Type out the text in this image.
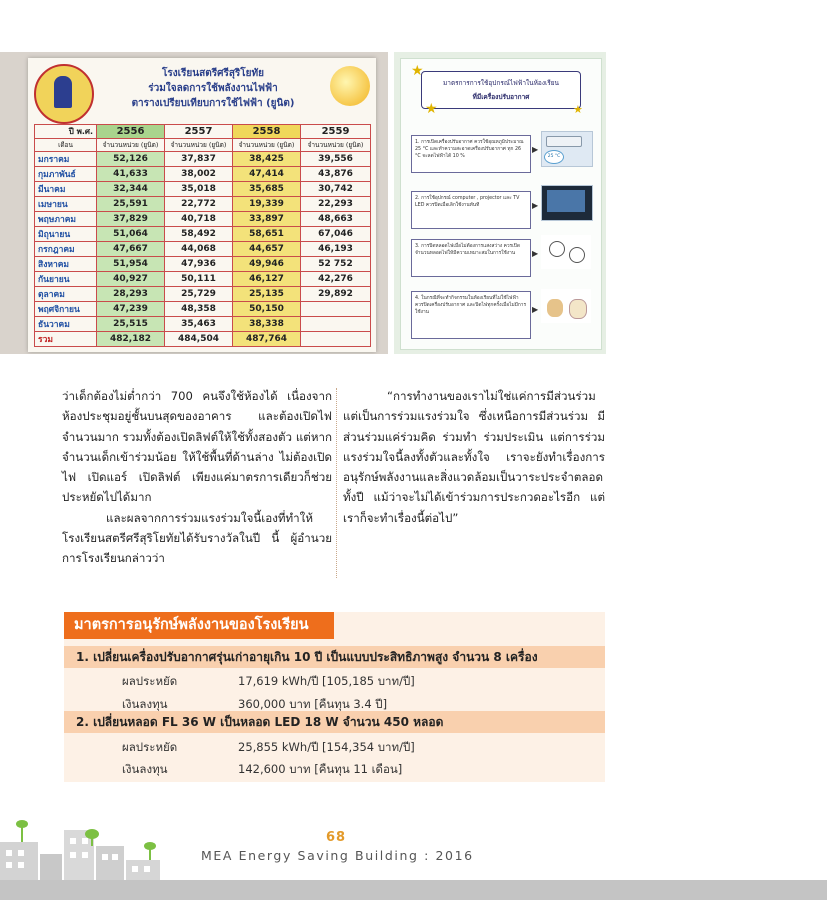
โรงเรียนสตรีศรีสุริโยทัย
ร่วมใจลดการใช้พลังงานไฟฟ้า
ตารางเปรียบเทียบการใช้ไฟฟ้า (ยูนิต)
ปี พ.ศ.	2556	2557	2558	2559
เดือน	จำนวนหน่วย (ยูนิต)	จำนวนหน่วย (ยูนิต)	จำนวนหน่วย (ยูนิต)	จำนวนหน่วย (ยูนิต)
มกราคม	52,126	37,837	38,425	39,556
กุมภาพันธ์	41,633	38,002	47,414	43,876
มีนาคม	32,344	35,018	35,685	30,742
เมษายน	25,591	22,772	19,339	22,293
พฤษภาคม	37,829	40,718	33,897	48,663
มิถุนายน	51,064	58,492	58,651	67,046
กรกฎาคม	47,667	44,068	44,657	46,193
สิงหาคม	51,954	47,936	49,946	52 752
กันยายน	40,927	50,111	46,127	42,276
ตุลาคม	28,293	25,729	25,135	29,892
พฤศจิกายน	47,239	48,358	50,150	
ธันวาคม	25,515	35,463	38,338	
รวม	482,182	484,504	487,764	
มาตรการการใช้อุปกรณ์ไฟฟ้าในห้องเรียน
ที่มีเครื่องปรับอากาศ
★
★	★
1. การเปิดเครื่องปรับอากาศ ควรใช้อุณหภูมิประมาณ 25 °C และทำความสะอาดเครื่องปรับอากาศ ทุก 26 °C จะลดไฟฟ้าได้ 10 %
▶
25 °C
2. การใช้อุปกรณ์ computer , projector และ TV LED ควรปิดเมื่อเลิกใช้งานทันที	▶
3. การปิดหลอดไฟเมื่อไม่ต้องการแสงสว่าง ควรเปิดจำนวนหลอดไฟให้มีความเหมาะสมในการใช้งาน	▶
4. ในกรณีที่จะทำกิจกรรมในห้องเรียนที่ไม่ใช้ไฟฟ้า ควรปิดเครื่องปรับอากาศ และปิดไฟทุกครั้งเมื่อไม่มีการใช้งาน	▶

ว่าเด็กต้องไม่ต่ำกว่า 700 คนจึงใช้ห้องได้ เนื่องจากห้องประชุมอยู่ชั้นบนสุดของอาคาร และต้องเปิดไฟจำนวนมาก รวมทั้งต้องเปิดลิฟต์ให้ใช้ทั้งสองตัว แต่หากจำนวนเด็กเข้าร่วมน้อย ให้ใช้พื้นที่ด้านล่าง ไม่ต้องเปิดไฟ เปิดแอร์ เปิดลิฟต์ เพียงแค่มาตรการเดียวก็ช่วยประหยัดไปได้มาก

และผลจากการร่วมแรงร่วมใจนี้เองที่ทำให้โรงเรียนสตรีศรีสุริโยทัยได้รับรางวัลในปี นี้ ผู้อำนวยการโรงเรียนกล่าวว่า

“การทำงานของเราไม่ใช่แค่การมีส่วนร่วม แต่เป็นการร่วมแรงร่วมใจ ซึ่งเหนือการมีส่วนร่วม มีส่วนร่วมแค่ร่วมคิด ร่วมทำ ร่วมประเมิน แต่การร่วมแรงร่วมใจนี้ลงทั้งตัวและทั้งใจ เราจะยังทำเรื่องการอนุรักษ์พลังงานและสิ่งแวดล้อมเป็นวาระประจำตลอดทั้งปี แม้ว่าจะไม่ได้เข้าร่วมการประกวดอะไรอีก แต่เราก็จะทำเรื่องนี้ต่อไป”

มาตรการอนุรักษ์พลังงานของโรงเรียน
1. เปลี่ยนเครื่องปรับอากาศรุ่นเก่าอายุเกิน 10 ปี เป็นแบบประสิทธิภาพสูง จำนวน 8 เครื่อง
ผลประหยัด	17,619 kWh/ปี [105,185 บาท/ปี]
เงินลงทุน	360,000 บาท [คืนทุน 3.4 ปี]
2. เปลี่ยนหลอด FL 36 W เป็นหลอด LED 18 W จำนวน 450 หลอด
ผลประหยัด	25,855 kWh/ปี [154,354 บาท/ปี]
เงินลงทุน	142,600 บาท [คืนทุน 11 เดือน]
68
MEA Energy Saving Building : 2016
